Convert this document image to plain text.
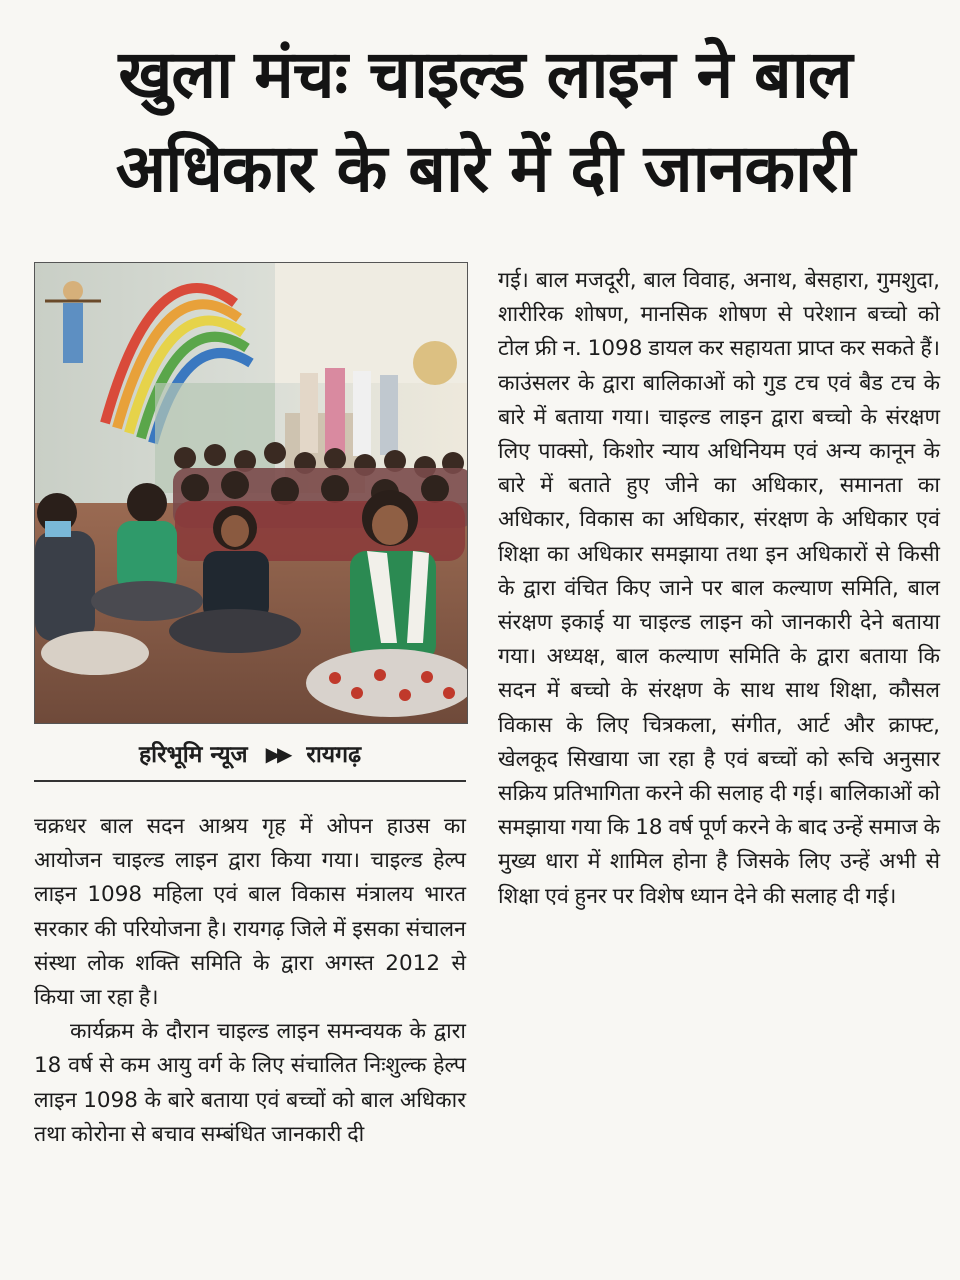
खुला मंचः चाइल्ड लाइन ने बाल अधिकार के बारे में दी जानकारी
हरिभूमि न्यूज ▶▶ रायगढ़

चक्रधर बाल सदन आश्रय गृह में ओपन हाउस का आयोजन चाइल्ड लाइन द्वारा किया गया। चाइल्ड हेल्प लाइन 1098 महिला एवं बाल विकास मंत्रालय भारत सरकार की परियोजना है। रायगढ़ जिले में इसका संचालन संस्था लोक शक्ति समिति के द्वारा अगस्त 2012 से किया जा रहा है।

कार्यक्रम के दौरान चाइल्ड लाइन समन्वयक के द्वारा 18 वर्ष से कम आयु वर्ग के लिए संचालित निःशुल्क हेल्प लाइन 1098 के बारे बताया एवं बच्चों को बाल अधिकार तथा कोरोना से बचाव सम्बंधित जानकारी दी

गई। बाल मजदूरी, बाल विवाह, अनाथ, बेसहारा, गुमशुदा, शारीरिक शोषण, मानसिक शोषण से परेशान बच्चो को टोल फ्री न. 1098 डायल कर सहायता प्राप्त कर सकते हैं। काउंसलर के द्वारा बालिकाओं को गुड टच एवं बैड टच के बारे में बताया गया। चाइल्ड लाइन द्वारा बच्चो के संरक्षण लिए पाक्सो, किशोर न्याय अधिनियम एवं अन्य कानून के बारे में बताते हुए जीने का अधिकार, समानता का अधिकार, विकास का अधिकार, संरक्षण के अधिकार एवं शिक्षा का अधिकार समझाया तथा इन अधिकारों से किसी के द्वारा वंचित किए जाने पर बाल कल्याण समिति, बाल संरक्षण इकाई या चाइल्ड लाइन को जानकारी देने बताया गया। अध्यक्ष, बाल कल्याण समिति के द्वारा बताया कि सदन में बच्चो के संरक्षण के साथ साथ शिक्षा, कौसल विकास के लिए चित्रकला, संगीत, आर्ट और क्राफ्ट, खेलकूद सिखाया जा रहा है एवं बच्चों को रूचि अनुसार सक्रिय प्रतिभागिता करने की सलाह दी गई। बालिकाओं को समझाया गया कि 18 वर्ष पूर्ण करने के बाद उन्हें समाज के मुख्य धारा में शामिल होना है जिसके लिए उन्हें अभी से शिक्षा एवं हुनर पर विशेष ध्यान देने की सलाह दी गई।
